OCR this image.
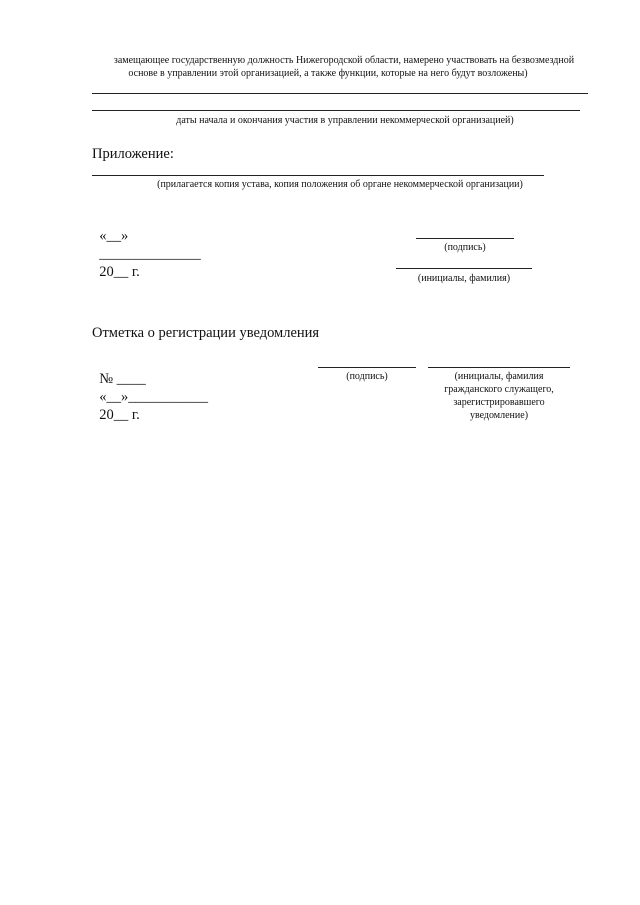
замещающее государственную должность Нижегородской области, намерено участвовать на безвозмездной
основе в управлении этой организацией, а также функции, которые на него будут возложены)
даты начала и окончания участия в управлении некоммерческой организацией)
Приложение:
(прилагается копия устава, копия положения об органе некоммерческой организации)

«__»
______________
20__ г.

(подпись)
(инициалы, фамилия)
Отметка о регистрации уведомления

№ ____
«__»___________
20__ г.

(подпись)	(инициалы, фамилия
гражданского служащего,
зарегистрировавшего
уведомление)
